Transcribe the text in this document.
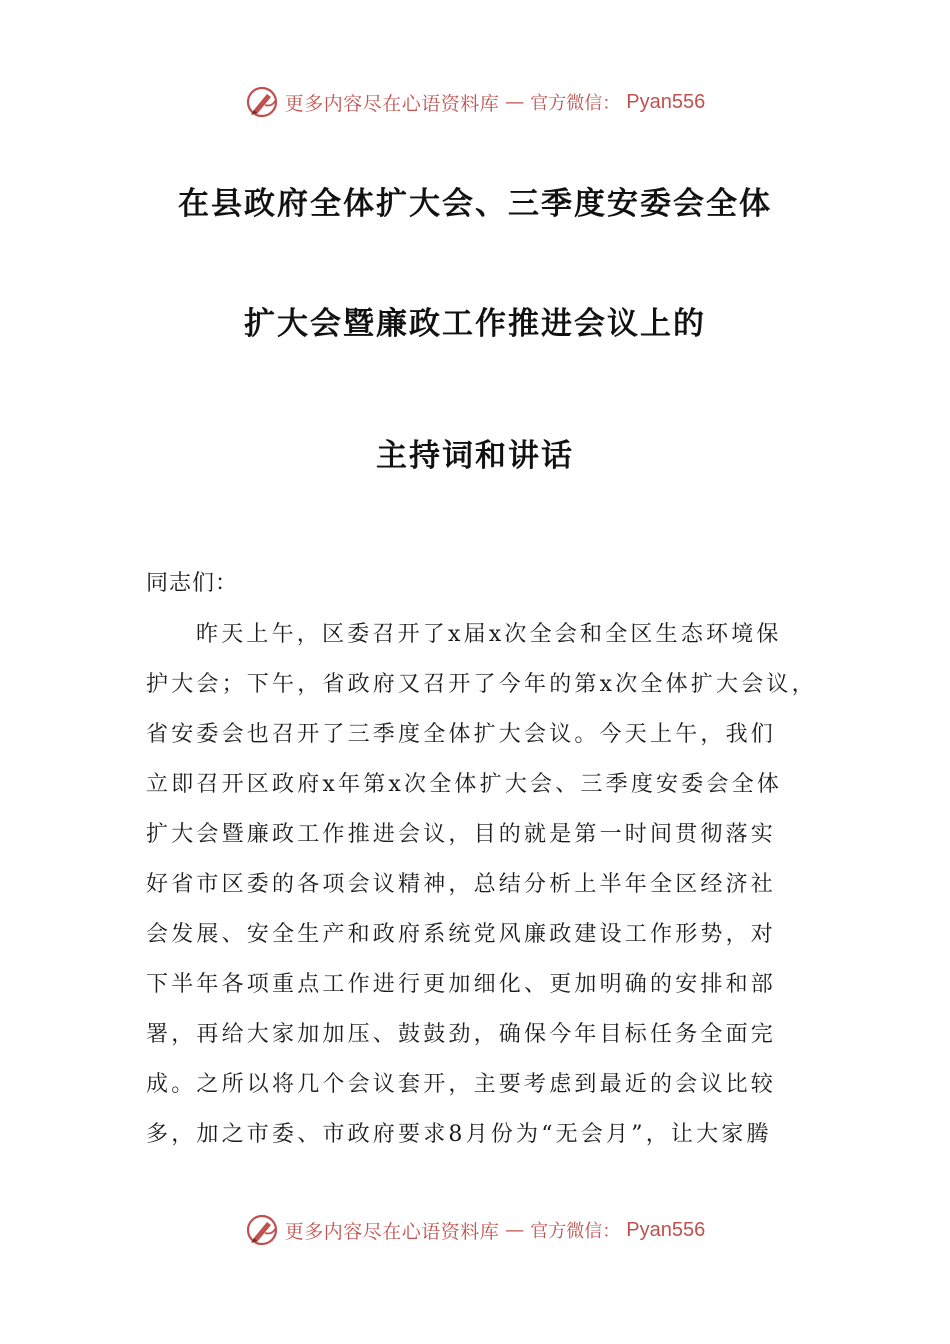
更多内容尽在心语资料库 — 官方微信： Pyan556
在县政府全体扩大会、三季度安委会全体
扩大会暨廉政工作推进会议上的
主持词和讲话
同志们：
昨天上午，区委召开了x届x次全会和全区生态环境保
护大会；下午，省政府又召开了今年的第x次全体扩大会议，
省安委会也召开了三季度全体扩大会议。今天上午，我们
立即召开区政府x年第x次全体扩大会、三季度安委会全体
扩大会暨廉政工作推进会议，目的就是第一时间贯彻落实
好省市区委的各项会议精神，总结分析上半年全区经济社
会发展、安全生产和政府系统党风廉政建设工作形势，对
下半年各项重点工作进行更加细化、更加明确的安排和部
署，再给大家加加压、鼓鼓劲，确保今年目标任务全面完
成。之所以将几个会议套开，主要考虑到最近的会议比较
多，加之市委、市政府要求8月份为“无会月”，让大家腾
更多内容尽在心语资料库 — 官方微信： Pyan556
